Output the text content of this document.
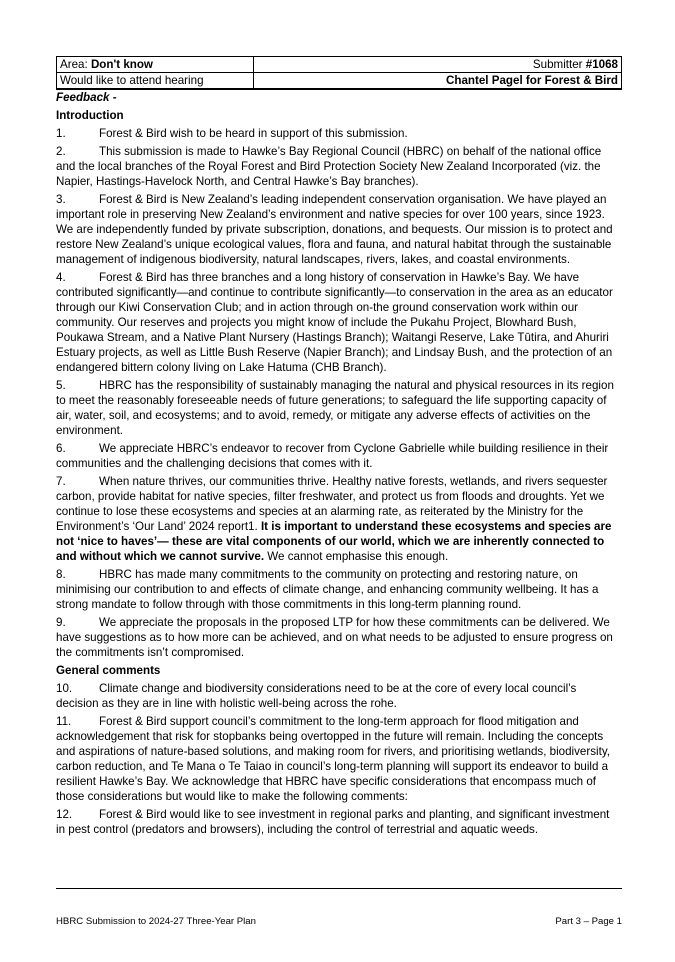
Area: Don't know	Submitter #1068
Would like to attend hearing	Chantel Pagel for Forest & Bird
Feedback -
Introduction
1.	Forest & Bird wish to be heard in support of this submission.
2.	This submission is made to Hawke’s Bay Regional Council (HBRC) on behalf of the national office and the local branches of the Royal Forest and Bird Protection Society New Zealand Incorporated (viz. the Napier, Hastings-Havelock North, and Central Hawke’s Bay branches).
3.	Forest & Bird is New Zealand’s leading independent conservation organisation. We have played an important role in preserving New Zealand’s environment and native species for over 100 years, since 1923. We are independently funded by private subscription, donations, and bequests. Our mission is to protect and restore New Zealand’s unique ecological values, flora and fauna, and natural habitat through the sustainable management of indigenous biodiversity, natural landscapes, rivers, lakes, and coastal environments.
4.	Forest & Bird has three branches and a long history of conservation in Hawke’s Bay. We have contributed significantly—and continue to contribute significantly—to conservation in the area as an educator through our Kiwi Conservation Club; and in action through on-the ground conservation work within our community. Our reserves and projects you might know of include the Pukahu Project, Blowhard Bush, Poukawa Stream, and a Native Plant Nursery (Hastings Branch); Waitangi Reserve, Lake Tūtira, and Ahuriri Estuary projects, as well as Little Bush Reserve (Napier Branch); and Lindsay Bush, and the protection of an endangered bittern colony living on Lake Hatuma (CHB Branch).
5.	HBRC has the responsibility of sustainably managing the natural and physical resources in its region to meet the reasonably foreseeable needs of future generations; to safeguard the life supporting capacity of air, water, soil, and ecosystems; and to avoid, remedy, or mitigate any adverse effects of activities on the environment.
6.	We appreciate HBRC’s endeavor to recover from Cyclone Gabrielle while building resilience in their communities and the challenging decisions that comes with it.
7.	When nature thrives, our communities thrive. Healthy native forests, wetlands, and rivers sequester carbon, provide habitat for native species, filter freshwater, and protect us from floods and droughts. Yet we continue to lose these ecosystems and species at an alarming rate, as reiterated by the Ministry for the Environment’s ‘Our Land’ 2024 report1. It is important to understand these ecosystems and species are not ‘nice to haves’— these are vital components of our world, which we are inherently connected to and without which we cannot survive. We cannot emphasise this enough.
8.	HBRC has made many commitments to the community on protecting and restoring nature, on minimising our contribution to and effects of climate change, and enhancing community wellbeing. It has a strong mandate to follow through with those commitments in this long-term planning round.
9.	We appreciate the proposals in the proposed LTP for how these commitments can be delivered. We have suggestions as to how more can be achieved, and on what needs to be adjusted to ensure progress on the commitments isn’t compromised.
General comments
10. Climate change and biodiversity considerations need to be at the core of every local council’s decision as they are in line with holistic well-being across the rohe.
11. Forest & Bird support council’s commitment to the long-term approach for flood mitigation and acknowledgement that risk for stopbanks being overtopped in the future will remain. Including the concepts and aspirations of nature-based solutions, and making room for rivers, and prioritising wetlands, biodiversity, carbon reduction, and Te Mana o Te Taiao in council’s long-term planning will support its endeavor to build a resilient Hawke’s Bay. We acknowledge that HBRC have specific considerations that encompass much of those considerations but would like to make the following comments:
12. Forest & Bird would like to see investment in regional parks and planting, and significant investment in pest control (predators and browsers), including the control of terrestrial and aquatic weeds.
HBRC Submission to 2024-27 Three-Year Plan	Part 3 – Page 1
